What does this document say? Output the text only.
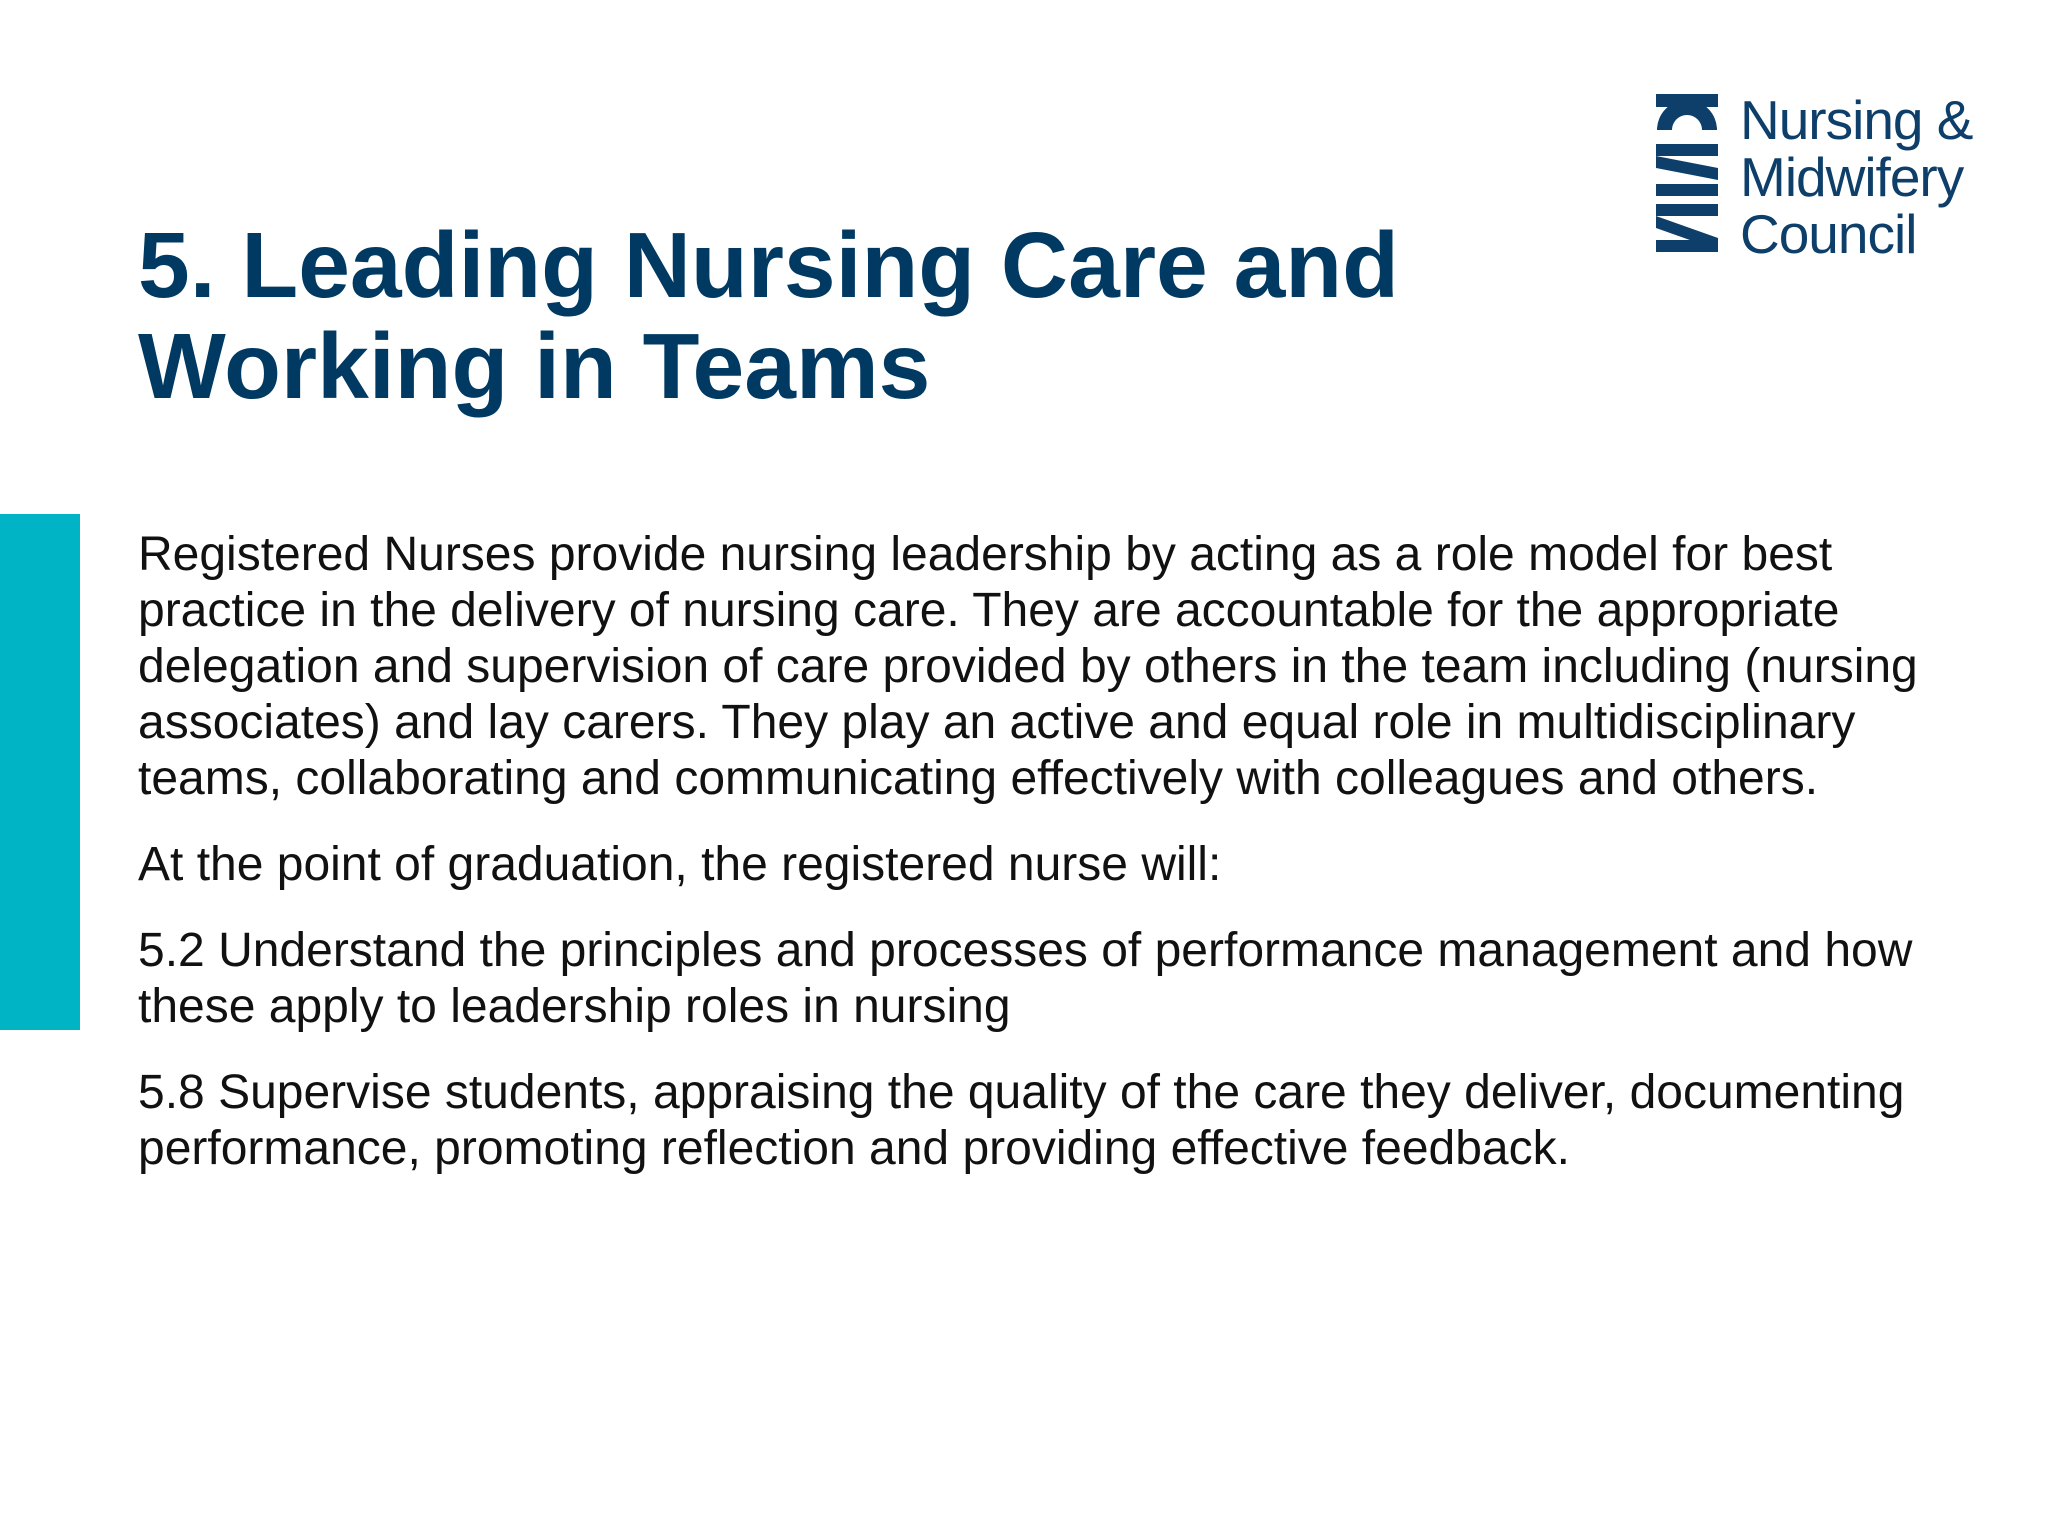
Nursing &
Midwifery
Council
5. Leading Nursing Care and
Working in Teams

Registered Nurses provide nursing leadership by acting as a role model for best practice in the delivery of nursing care. They are accountable for the appropriate delegation and supervision of care provided by others in the team including (nursing associates) and lay carers. They play an active and equal role in multidisciplinary teams, collaborating and communicating effectively with colleagues and others.

At the point of graduation, the registered nurse will:

5.2 Understand the principles and processes of performance management and how these apply to leadership roles in nursing

5.8 Supervise students, appraising the quality of the care they deliver, documenting performance, promoting reflection and providing effective feedback.
